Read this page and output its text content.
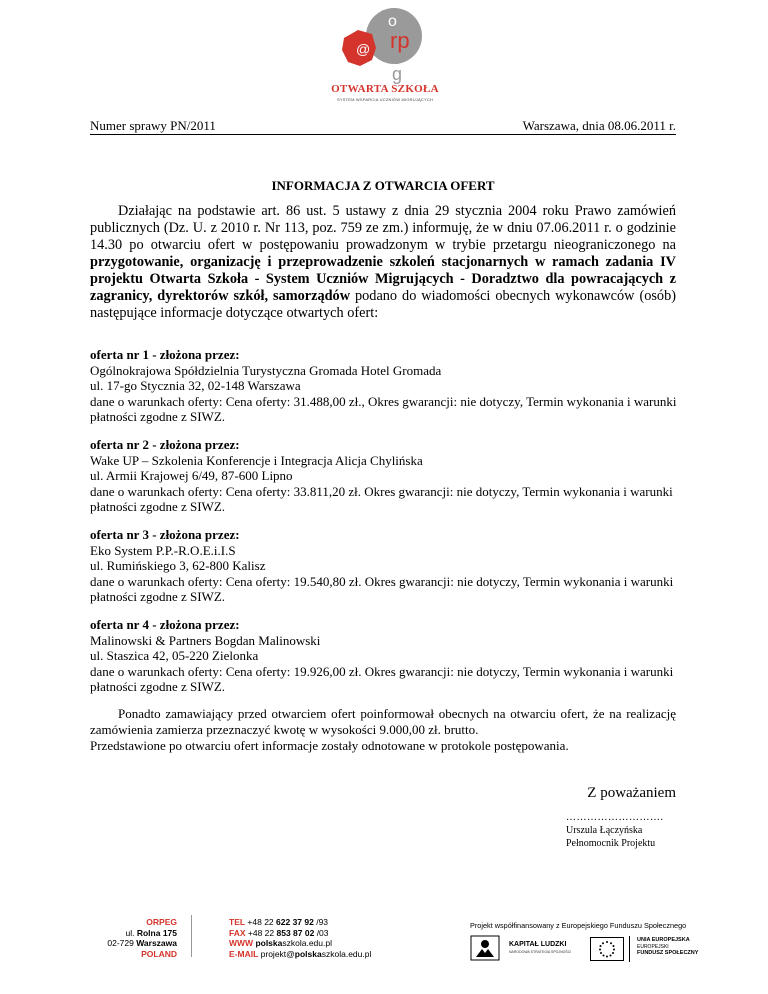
@
o
rp
e
g
OTWARTA SZKOŁA
SYSTEM WSPARCIA UCZNIÓW MIGRUJĄCYCH
Numer sprawy PN/2011	Warszawa, dnia 08.06.2011 r.
INFORMACJA Z OTWARCIA OFERT
Działając na podstawie art. 86 ust. 5 ustawy z dnia 29 stycznia 2004 roku Prawo zamówień publicznych (Dz. U. z 2010 r. Nr 113, poz. 759 ze zm.) informuję, że w dniu 07.06.2011 r. o godzinie 14.30 po otwarciu ofert w postępowaniu prowadzonym w trybie przetargu nieograniczonego na przygotowanie, organizację i przeprowadzenie szkoleń stacjonarnych w ramach zadania IV projektu Otwarta Szkoła - System Uczniów Migrujących - Doradztwo dla powracających z zagranicy, dyrektorów szkół, samorządów podano do wiadomości obecnych wykonawców (osób) następujące informacje dotyczące otwartych ofert:
oferta nr 1 - złożona przez:
Ogólnokrajowa Spółdzielnia Turystyczna Gromada Hotel Gromada
ul. 17-go Stycznia 32, 02-148 Warszawa
dane o warunkach oferty: Cena oferty: 31.488,00 zł., Okres gwarancji: nie dotyczy, Termin wykonania i warunki płatności zgodne z SIWZ.
oferta nr 2 - złożona przez:
Wake UP – Szkolenia Konferencje i Integracja Alicja Chylińska
ul. Armii Krajowej 6/49, 87-600 Lipno
dane o warunkach oferty: Cena oferty: 33.811,20 zł. Okres gwarancji: nie dotyczy, Termin wykonania i warunki płatności zgodne z SIWZ.
oferta nr 3 - złożona przez:
Eko System P.P.-R.O.E.i.I.S
ul. Rumińskiego 3, 62-800 Kalisz
dane o warunkach oferty: Cena oferty: 19.540,80 zł. Okres gwarancji: nie dotyczy, Termin wykonania i warunki płatności zgodne z SIWZ.
oferta nr 4 - złożona przez:
Malinowski & Partners Bogdan Malinowski
ul. Staszica 42, 05-220 Zielonka
dane o warunkach oferty: Cena oferty: 19.926,00 zł. Okres gwarancji: nie dotyczy, Termin wykonania i warunki płatności zgodne z SIWZ.
Ponadto zamawiający przed otwarciem ofert poinformował obecnych na otwarciu ofert, że na realizację zamówienia zamierza przeznaczyć kwotę w wysokości 9.000,00 zł. brutto.
Przedstawione po otwarciu ofert informacje zostały odnotowane w protokole postępowania.
Z poważaniem
……………………….
Urszula Łączyńska
Pełnomocnik Projektu
ORPEG
ul. Rolna 175
02-729 Warszawa
POLAND
TEL +48 22 622 37 92 /93
FAX +48 22 853 87 02 /03
WWW polskaszkola.edu.pl
E-MAIL projekt@polskaszkola.edu.pl
Projekt współfinansowany z Europejskiego Funduszu Społecznego
KAPITAŁ LUDZKI
NARODOWA STRATEGIA SPÓJNOŚCI
UNIA EUROPEJSKA
EUROPEJSKI
FUNDUSZ SPOŁECZNY
